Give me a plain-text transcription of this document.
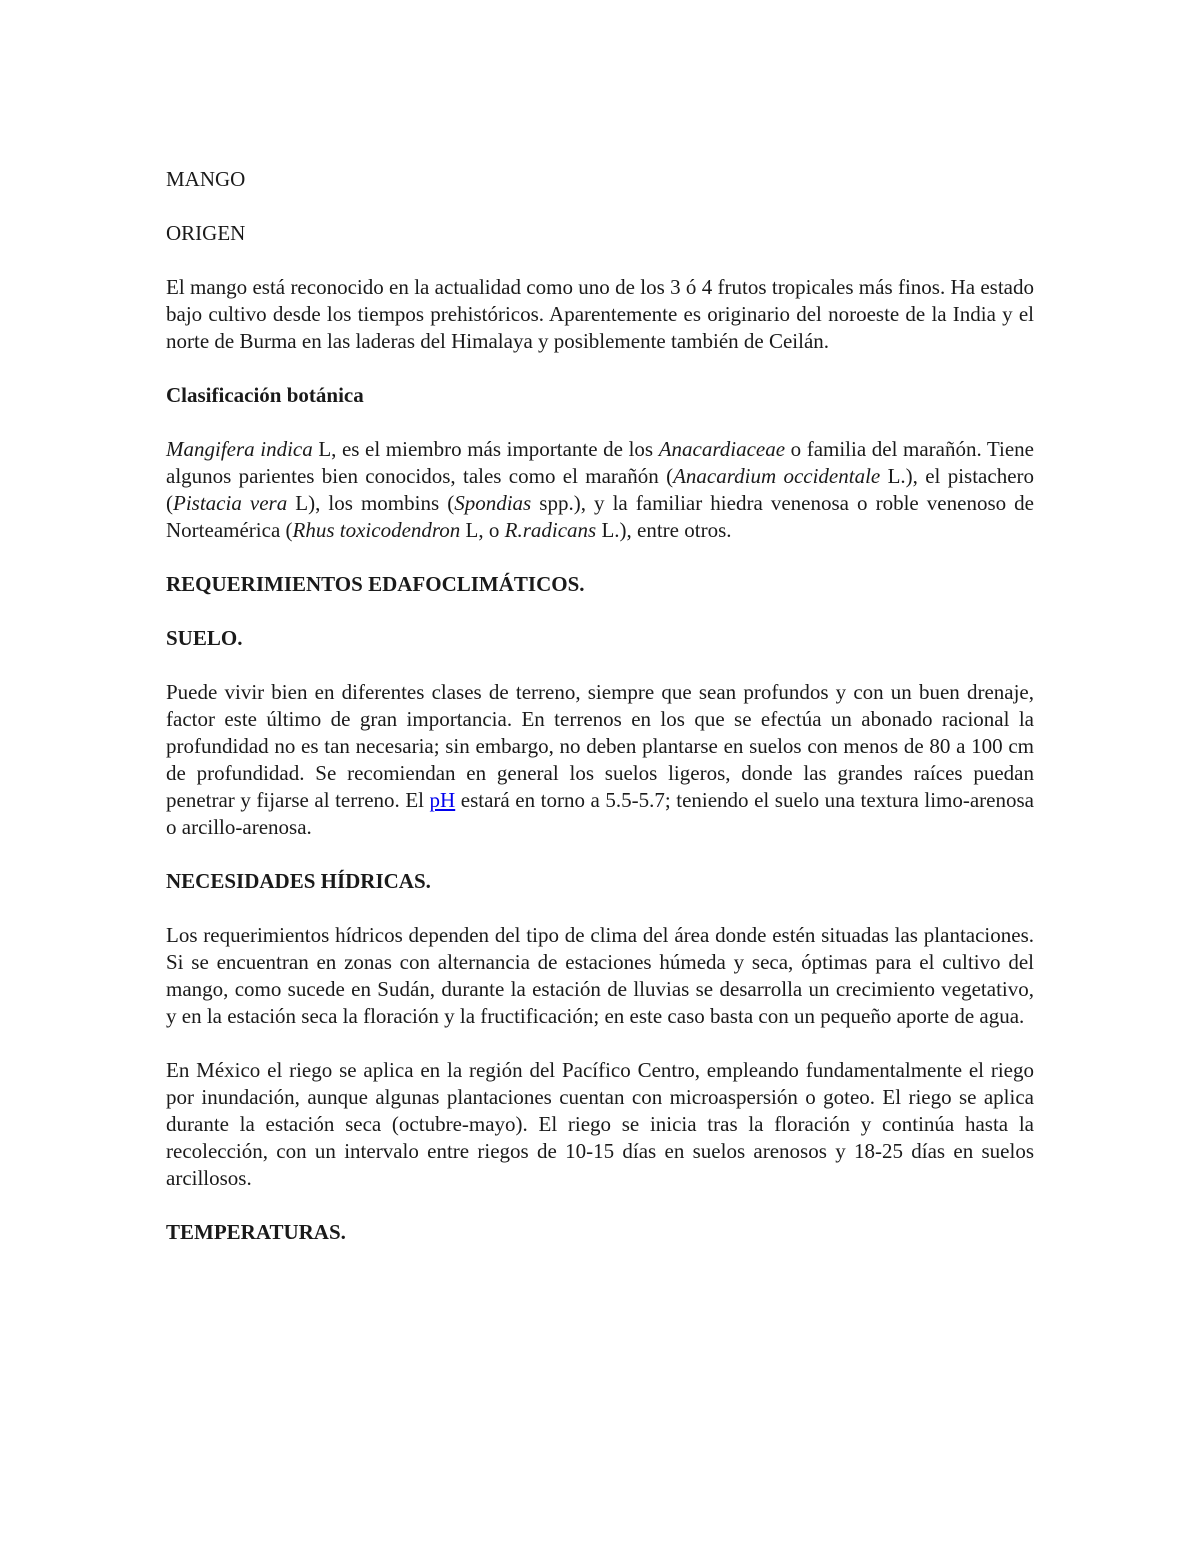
MANGO
ORIGEN

El mango está reconocido en la actualidad como uno de los 3 ó 4 frutos tropicales más finos. Ha estado bajo cultivo desde los tiempos prehistóricos. Aparentemente es originario del noroeste de la India y el norte de Burma en las laderas del Himalaya y posiblemente también de Ceilán.

Clasificación botánica

Mangifera indica L, es el miembro más importante de los Anacardiaceae o familia del marañón. Tiene algunos parientes bien conocidos, tales como el marañón (Anacardium occidentale L.), el pistachero (Pistacia vera L), los mombins (Spondias spp.), y la familiar hiedra venenosa o roble venenoso de Norteamérica (Rhus toxicodendron L, o R.radicans L.), entre otros.

REQUERIMIENTOS EDAFOCLIMÁTICOS.
SUELO.

Puede vivir bien en diferentes clases de terreno, siempre que sean profundos y con un buen drenaje, factor este último de gran importancia. En terrenos en los que se efectúa un abonado racional la profundidad no es tan necesaria; sin embargo, no deben plantarse en suelos con menos de 80 a 100 cm de profundidad. Se recomiendan en general los suelos ligeros, donde las grandes raíces puedan penetrar y fijarse al terreno. El pH estará en torno a 5.5-5.7; teniendo el suelo una textura limo-arenosa o arcillo-arenosa.

NECESIDADES HÍDRICAS.

Los requerimientos hídricos dependen del tipo de clima del área donde estén situadas las plantaciones. Si se encuentran en zonas con alternancia de estaciones húmeda y seca, óptimas para el cultivo del mango, como sucede en Sudán, durante la estación de lluvias se desarrolla un crecimiento vegetativo, y en la estación seca la floración y la fructificación; en este caso basta con un pequeño aporte de agua.

En México el riego se aplica en la región del Pacífico Centro, empleando fundamentalmente el riego por inundación, aunque algunas plantaciones cuentan con microaspersión o goteo. El riego se aplica durante la estación seca (octubre-mayo). El riego se inicia tras la floración y continúa hasta la recolección, con un intervalo entre riegos de 10-15 días en suelos arenosos y 18-25 días en suelos arcillosos.

TEMPERATURAS.
